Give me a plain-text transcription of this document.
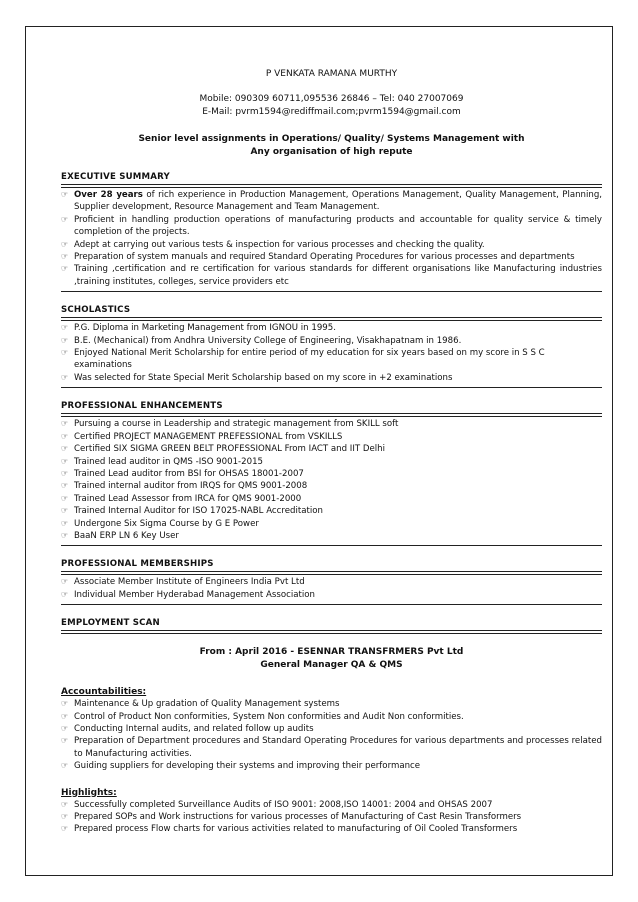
P VENKATA RAMANA MURTHY
Mobile: 090309 60711,095536 26846 – Tel: 040 27007069
E-Mail: pvrm1594@rediffmail.com;pvrm1594@gmail.com
Senior level assignments in Operations/ Quality/ Systems Management with
Any organisation of high repute
EXECUTIVE SUMMARY
☞ Over 28 years of rich experience in Production Management, Operations Management, Quality Management, Planning, Supplier development, Resource Management and Team Management.
☞ Proficient in handling production operations of manufacturing products and accountable for quality service & timely completion of the projects.
☞ Adept at carrying out various tests & inspection for various processes and checking the quality.
☞ Preparation of system manuals and required Standard Operating Procedures for various processes and departments
☞ Training ,certification and re certification for various standards for different organisations like Manufacturing industries ,training institutes, colleges, service providers etc
SCHOLASTICS
☞ P.G. Diploma in Marketing Management from IGNOU in 1995.
☞ B.E. (Mechanical) from Andhra University College of Engineering, Visakhapatnam in 1986.
☞ Enjoyed National Merit Scholarship for entire period of my education for six years based on my score in S S C examinations
☞ Was selected for State Special Merit Scholarship based on my score in +2 examinations
PROFESSIONAL ENHANCEMENTS
☞ Pursuing a course in Leadership and strategic management from SKILL soft
☞ Certified PROJECT MANAGEMENT PREFESSIONAL from VSKILLS
☞ Certified SIX SIGMA GREEN BELT PROFESSIONAL From IACT and IIT Delhi
☞ Trained lead auditor in QMS -ISO 9001-2015
☞ Trained Lead auditor from BSI for OHSAS 18001-2007
☞ Trained internal auditor from IRQS for QMS 9001-2008
☞ Trained Lead Assessor from IRCA for QMS 9001-2000
☞ Trained Internal Auditor for ISO 17025-NABL Accreditation
☞ Undergone Six Sigma Course by G E Power
☞ BaaN ERP LN 6 Key User
PROFESSIONAL MEMBERSHIPS
☞ Associate Member Institute of Engineers India Pvt Ltd
☞ Individual Member Hyderabad Management Association
EMPLOYMENT SCAN
From : April 2016 - ESENNAR TRANSFRMERS Pvt Ltd
General Manager QA & QMS
Accountabilities:
☞ Maintenance & Up gradation of Quality Management systems
☞ Control of Product Non conformities, System Non conformities and Audit Non conformities.
☞ Conducting Internal audits, and related follow up audits
☞ Preparation of Department procedures and Standard Operating Procedures for various departments and processes related to Manufacturing activities.
☞ Guiding suppliers for developing their systems and improving their performance
Highlights:
☞ Successfully completed Surveillance Audits of ISO 9001: 2008,ISO 14001: 2004 and OHSAS 2007
☞ Prepared SOPs and Work instructions for various processes of Manufacturing of Cast Resin Transformers
☞ Prepared process Flow charts for various activities related to manufacturing of Oil Cooled Transformers
